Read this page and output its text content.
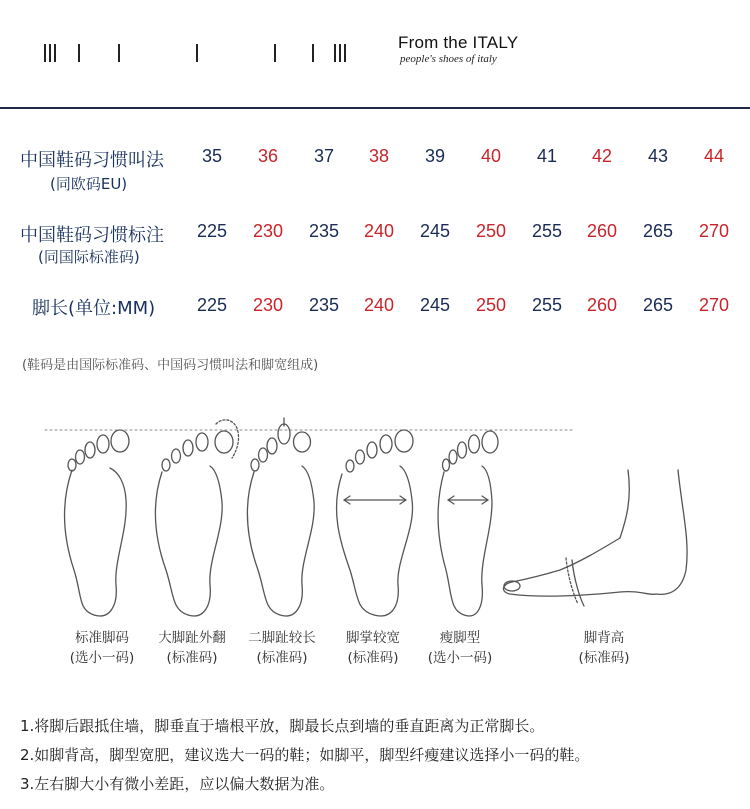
From the ITALY
people's shoes of italy
中国鞋码习惯叫法
(同欧码EU)
35	36	37	38	39	40	41	42	43	44
中国鞋码习惯标注
(同国际标准码)
225	230	235	240	245	250	255	260	265	270
脚长(单位:MM)	225	230	235	240	245	250	255	260	265	270
(鞋码是由国际标准码、中国码习惯叫法和脚宽组成)
标准脚码
(选小一码)
大脚趾外翻
(标准码)
二脚趾较长
(标准码)
脚掌较宽
(标准码)
瘦脚型
(选小一码)
脚背高
(标准码)
1.将脚后跟抵住墙，脚垂直于墙根平放，脚最长点到墙的垂直距离为正常脚长。
2.如脚背高，脚型宽肥，建议选大一码的鞋；如脚平，脚型纤瘦建议选择小一码的鞋。
3.左右脚大小有微小差距，应以偏大数据为准。
